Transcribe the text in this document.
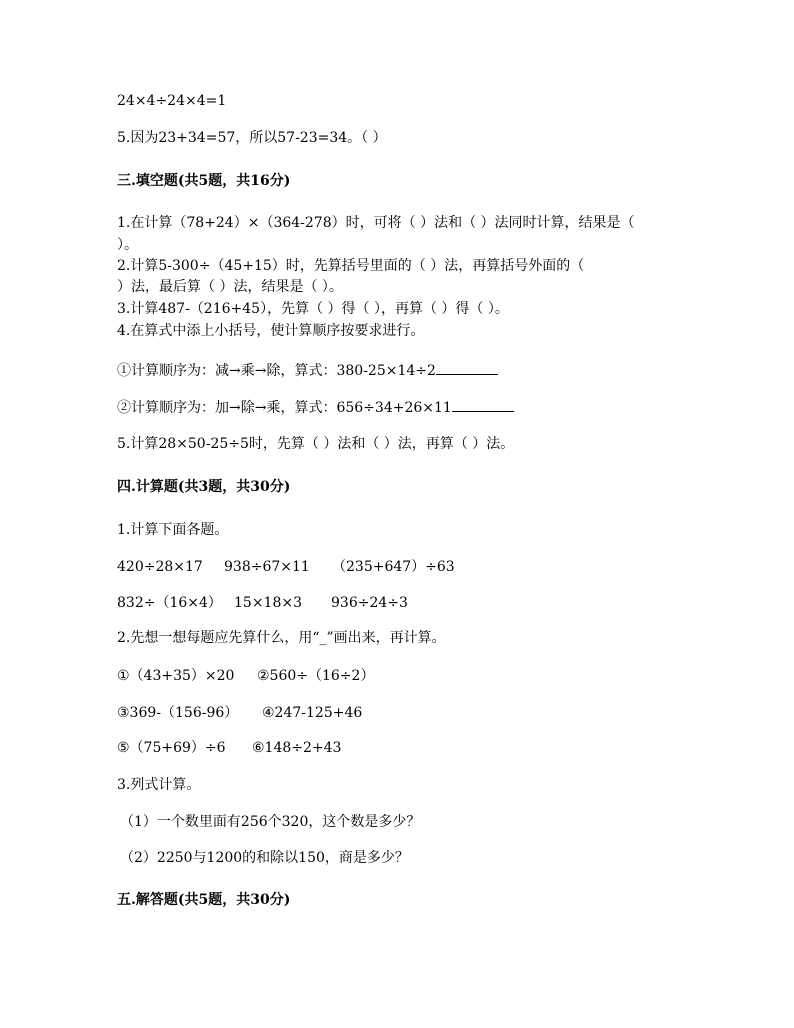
24×4÷24×4=1
5.因为23+34=57，所以57-23=34。（ ）
三.填空题(共5题，共16分)
1.在计算（78+24）×（364-278）时，可将（ ）法和（ ）法同时计算，结果是（
）。
2.计算5-300÷（45+15）时，先算括号里面的（ ）法，再算括号外面的（
）法，最后算（ ）法，结果是（ ）。
3.计算487-（216+45），先算（ ）得（ ），再算（ ）得（ ）。
4.在算式中添上小括号，使计算顺序按要求进行。
①计算顺序为：减→乘→除，算式：380-25×14÷2
②计算顺序为：加→除→乘，算式：656÷34+26×11
5.计算28×50-25÷5时，先算（ ）法和（ ）法，再算（ ）法。
四.计算题(共3题，共30分)
1.计算下面各题。
420÷28×17 938÷67×11 （235+647）÷63
832÷（16×4） 15×18×3 936÷24÷3
2.先想一想每题应先算什么，用“_”画出来，再计算。
①（43+35）×20 ②560÷（16÷2）
③369-（156-96） ④247-125+46
⑤（75+69）÷6 ⑥148÷2+43
3.列式计算。
（1）一个数里面有256个320，这个数是多少？
（2）2250与1200的和除以150，商是多少？
五.解答题(共5题，共30分)
